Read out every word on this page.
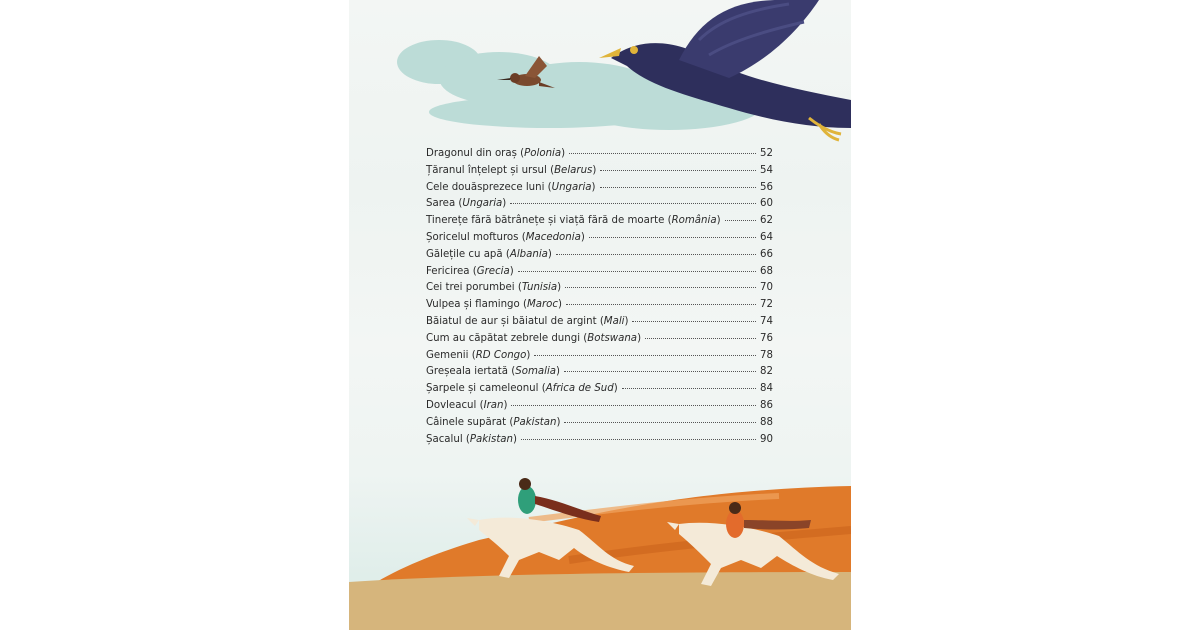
Dragonul din oraș (Polonia)	52
Țăranul înțelept și ursul (Belarus)	54
Cele douăsprezece luni (Ungaria)	56
Sarea (Ungaria)	60
Tinerețe fără bătrânețe și viață fără de moarte (România)	62
Șoricelul mofturos (Macedonia)	64
Gălețile cu apă (Albania)	66
Fericirea (Grecia)	68
Cei trei porumbei (Tunisia)	70
Vulpea și flamingo (Maroc)	72
Băiatul de aur și băiatul de argint (Mali)	74
Cum au căpătat zebrele dungi (Botswana)	76
Gemenii (RD Congo)	78
Greșeala iertată (Somalia)	82
Șarpele și cameleonul (Africa de Sud)	84
Dovleacul (Iran)	86
Câinele supărat (Pakistan)	88
Șacalul (Pakistan)	90
